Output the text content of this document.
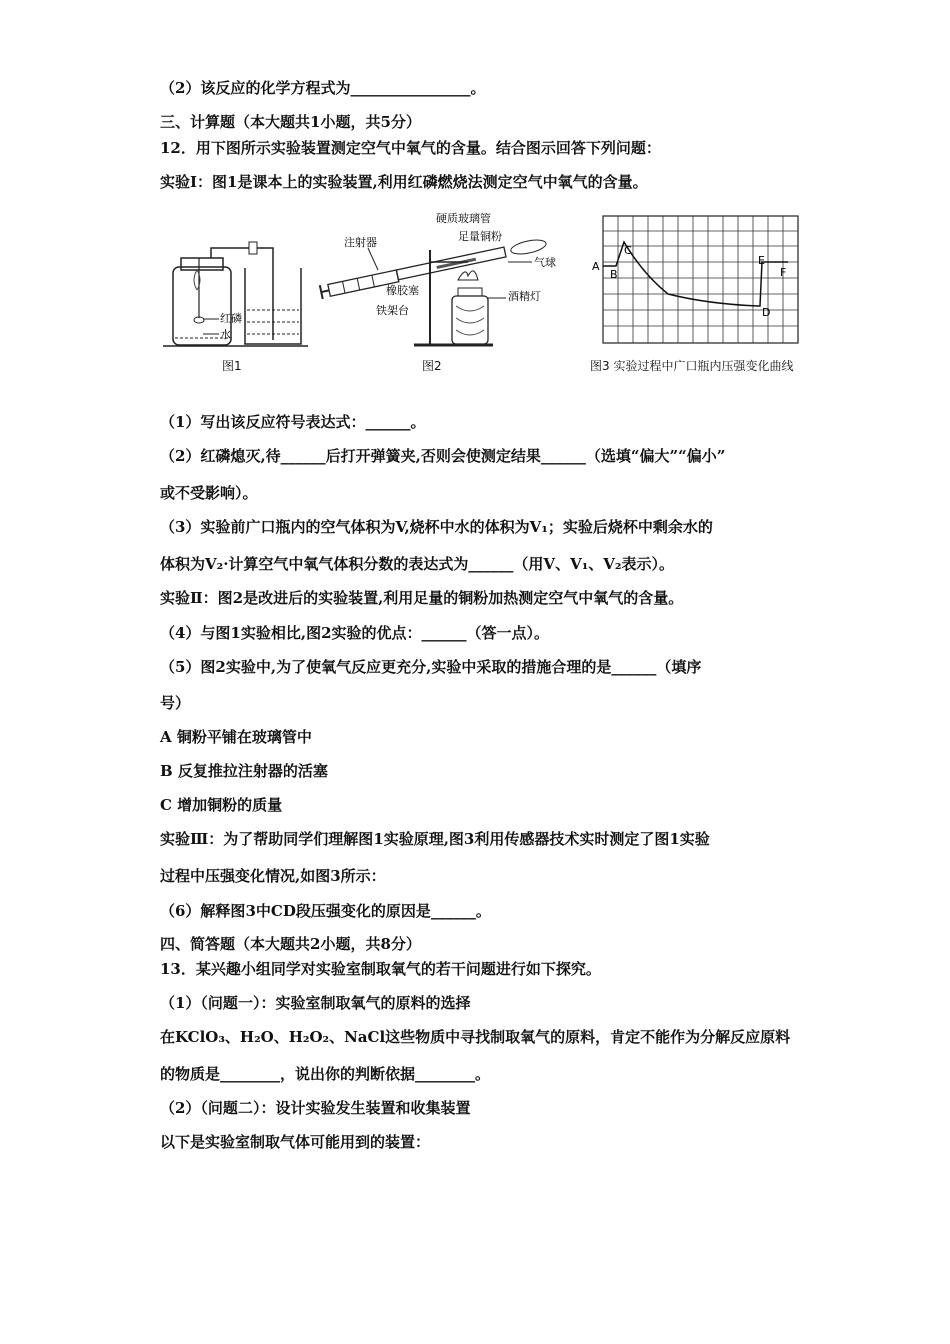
（2）该反应的化学方程式为________________。
三、计算题（本大题共1小题，共5分）
12．用下图所示实验装置测定空气中氧气的含量。结合图示回答下列问题：
实验Ⅰ：图1是课本上的实验装置,利用红磷燃烧法测定空气中氧气的含量。
红磷
水
图1
注射器
硬质玻璃管
足量铜粉
气球
橡胶塞	酒精灯
铁架台
图2
A
B
C
D
E
F
图3 实验过程中广口瓶内压强变化曲线
（1）写出该反应符号表达式：______。
（2）红磷熄灭,待______后打开弹簧夹,否则会使测定结果______（选填“偏大”“偏小”
或不受影响）。
（3）实验前广口瓶内的空气体积为V,烧杯中水的体积为V₁；实验后烧杯中剩余水的
体积为V₂·计算空气中氧气体积分数的表达式为______（用V、V₁、V₂表示）。
实验Ⅱ：图2是改进后的实验装置,利用足量的铜粉加热测定空气中氧气的含量。
（4）与图1实验相比,图2实验的优点：______（答一点）。
（5）图2实验中,为了使氧气反应更充分,实验中采取的措施合理的是______（填序
号）
A 铜粉平铺在玻璃管中
B 反复推拉注射器的活塞
C 增加铜粉的质量
实验Ⅲ：为了帮助同学们理解图1实验原理,图3利用传感器技术实时测定了图1实验
过程中压强变化情况,如图3所示：
（6）解释图3中CD段压强变化的原因是______。
四、简答题（本大题共2小题，共8分）
13．某兴趣小组同学对实验室制取氧气的若干问题进行如下探究。
（1）（问题一）：实验室制取氧气的原料的选择
在KClO₃、H₂O、H₂O₂、NaCl这些物质中寻找制取氧气的原料，肯定不能作为分解反应原料
的物质是________，说出你的判断依据________。
（2）（问题二）：设计实验发生装置和收集装置
以下是实验室制取气体可能用到的装置：
